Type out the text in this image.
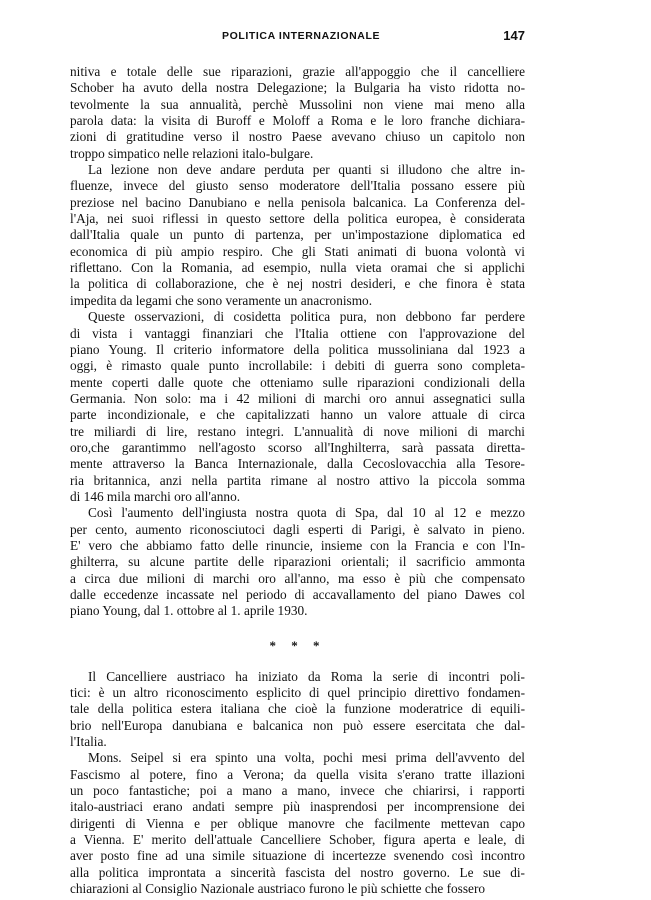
POLITICA INTERNAZIONALE	147
nitiva e totale delle sue riparazioni, grazie all'appoggio che il cancelliere
Schober ha avuto della nostra Delegazione; la Bulgaria ha visto ridotta no-
tevolmente la sua annualità, perchè Mussolini non viene mai meno alla
parola data: la visita di Buroff e Moloff a Roma e le loro franche dichiara-
zioni di gratitudine verso il nostro Paese avevano chiuso un capitolo non
troppo simpatico nelle relazioni italo-bulgare.
La lezione non deve andare perduta per quanti si illudono che altre in-
fluenze, invece del giusto senso moderatore dell'Italia possano essere più
preziose nel bacino Danubiano e nella penisola balcanica. La Conferenza del-
l'Aja, nei suoi riflessi in questo settore della politica europea, è considerata
dall'Italia quale un punto di partenza, per un'impostazione diplomatica ed
economica di più ampio respiro. Che gli Stati animati di buona volontà vi
riflettano. Con la Romania, ad esempio, nulla vieta oramai che si applichi
la politica di collaborazione, che è nej nostri desideri, e che finora è stata
impedita da legami che sono veramente un anacronismo.
Queste osservazioni, di cosidetta politica pura, non debbono far perdere
di vista i vantaggi finanziari che l'Italia ottiene con l'approvazione del
piano Young. Il criterio informatore della politica mussoliniana dal 1923 a
oggi, è rimasto quale punto incrollabile: i debiti di guerra sono completa-
mente coperti dalle quote che otteniamo sulle riparazioni condizionali della
Germania. Non solo: ma i 42 milioni di marchi oro annui assegnatici sulla
parte incondizionale, e che capitalizzati hanno un valore attuale di circa
tre miliardi di lire, restano integri. L'annualità di nove milioni di marchi
oro,che garantimmo nell'agosto scorso all'Inghilterra, sarà passata diretta-
mente attraverso la Banca Internazionale, dalla Cecoslovacchia alla Tesore-
ria britannica, anzi nella partita rimane al nostro attivo la piccola somma
di 146 mila marchi oro all'anno.
Così l'aumento dell'ingiusta nostra quota di Spa, dal 10 al 12 e mezzo
per cento, aumento riconosciutoci dagli esperti di Parigi, è salvato in pieno.
E' vero che abbiamo fatto delle rinuncie, insieme con la Francia e con l'In-
ghilterra, su alcune partite delle riparazioni orientali; il sacrificio ammonta
a circa due milioni di marchi oro all'anno, ma esso è più che compensato
dalle eccedenze incassate nel periodo di accavallamento del piano Dawes col
piano Young, dal 1. ottobre al 1. aprile 1930.
* * *
Il Cancelliere austriaco ha iniziato da Roma la serie di incontri poli-
tici: è un altro riconoscimento esplicito di quel principio direttivo fondamen-
tale della politica estera italiana che cioè la funzione moderatrice di equili-
brio nell'Europa danubiana e balcanica non può essere esercitata che dal-
l'Italia.
Mons. Seipel si era spinto una volta, pochi mesi prima dell'avvento del
Fascismo al potere, fino a Verona; da quella visita s'erano tratte illazioni
un poco fantastiche; poi a mano a mano, invece che chiarirsi, i rapporti
italo-austriaci erano andati sempre più inasprendosi per incomprensione dei
dirigenti di Vienna e per oblique manovre che facilmente mettevan capo
a Vienna. E' merito dell'attuale Cancelliere Schober, figura aperta e leale, di
aver posto fine ad una simile situazione di incertezze svenendo così incontro
alla politica improntata a sincerità fascista del nostro governo. Le sue di-
chiarazioni al Consiglio Nazionale austriaco furono le più schiette che fossero
